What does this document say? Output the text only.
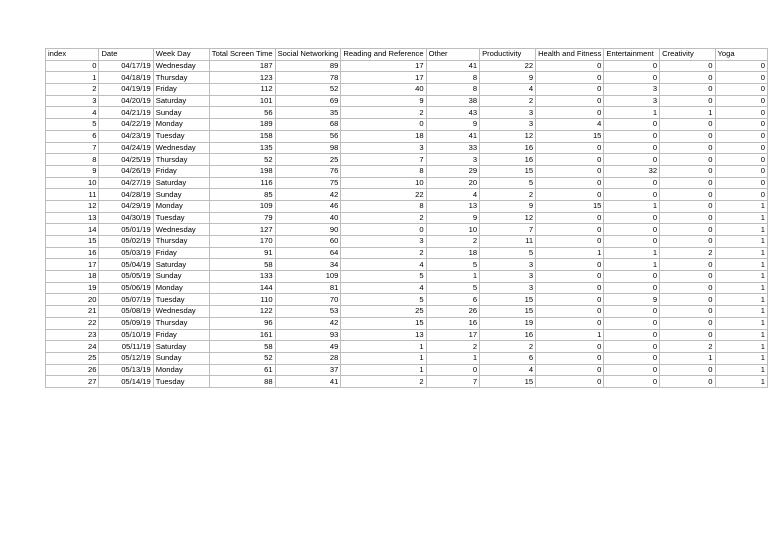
index	Date	Week Day	Total Screen Time	Social Networking	Reading and Reference	Other	Productivity	Health and Fitness	Entertainment	Creativity	Yoga
0	04/17/19	Wednesday	187	89	17	41	22	0	0	0	0
1	04/18/19	Thursday	123	78	17	8	9	0	0	0	0
2	04/19/19	Friday	112	52	40	8	4	0	3	0	0
3	04/20/19	Saturday	101	69	9	38	2	0	3	0	0
4	04/21/19	Sunday	56	35	2	43	3	0	1	1	0
5	04/22/19	Monday	189	68	0	9	3	4	0	0	0
6	04/23/19	Tuesday	158	56	18	41	12	15	0	0	0
7	04/24/19	Wednesday	135	98	3	33	16	0	0	0	0
8	04/25/19	Thursday	52	25	7	3	16	0	0	0	0
9	04/26/19	Friday	198	76	8	29	15	0	32	0	0
10	04/27/19	Saturday	116	75	10	20	5	0	0	0	0
11	04/28/19	Sunday	85	42	22	4	2	0	0	0	0
12	04/29/19	Monday	109	46	8	13	9	15	1	0	1
13	04/30/19	Tuesday	79	40	2	9	12	0	0	0	1
14	05/01/19	Wednesday	127	90	0	10	7	0	0	0	1
15	05/02/19	Thursday	170	60	3	2	11	0	0	0	1
16	05/03/19	Friday	91	64	2	18	5	1	1	2	1
17	05/04/19	Saturday	58	34	4	5	3	0	1	0	1
18	05/05/19	Sunday	133	109	5	1	3	0	0	0	1
19	05/06/19	Monday	144	81	4	5	3	0	0	0	1
20	05/07/19	Tuesday	110	70	5	6	15	0	9	0	1
21	05/08/19	Wednesday	122	53	25	26	15	0	0	0	1
22	05/09/19	Thursday	96	42	15	16	19	0	0	0	1
23	05/10/19	Friday	161	93	13	17	16	1	0	0	1
24	05/11/19	Saturday	58	49	1	2	2	0	0	2	1
25	05/12/19	Sunday	52	28	1	1	6	0	0	1	1
26	05/13/19	Monday	61	37	1	0	4	0	0	0	1
27	05/14/19	Tuesday	88	41	2	7	15	0	0	0	1
